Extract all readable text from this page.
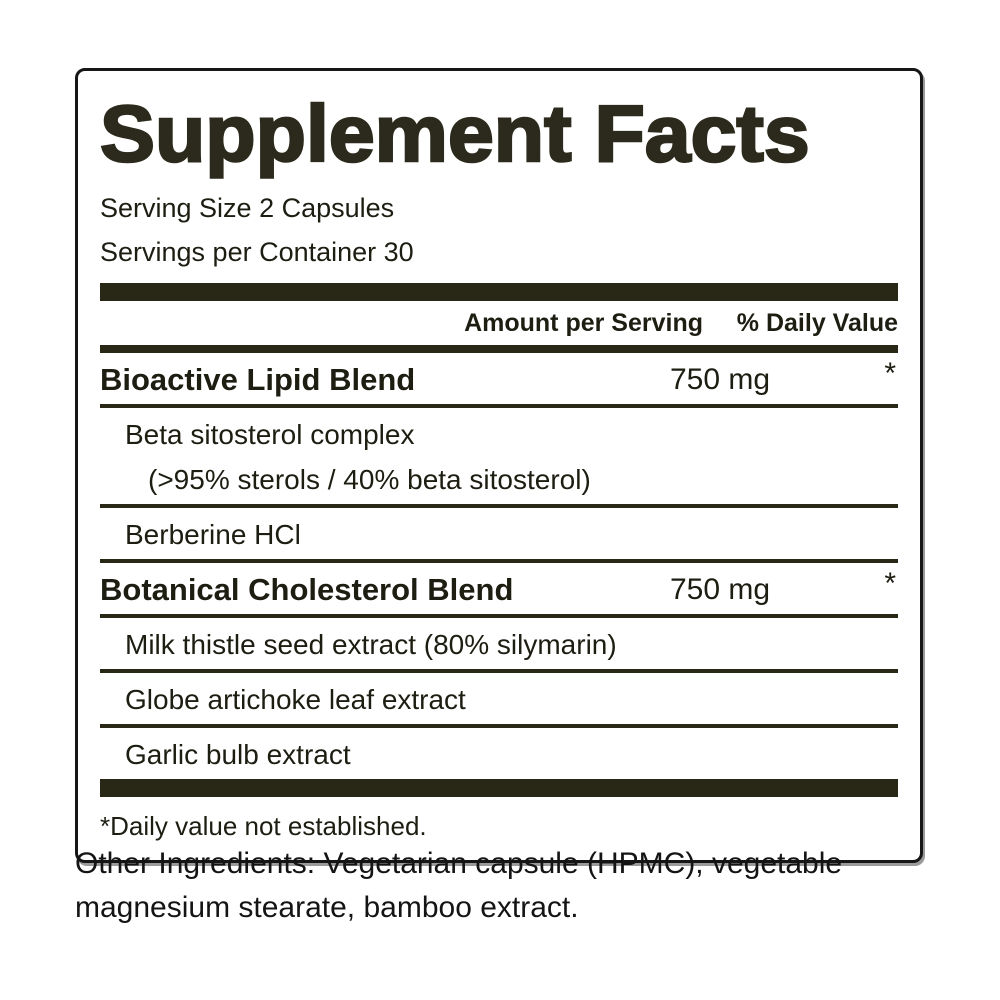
Supplement Facts
Serving Size 2 Capsules
Servings per Container 30
Amount per Serving % Daily Value
Bioactive Lipid Blend	750 mg	*
Beta sitosterol complex
(>95% sterols / 40% beta sitosterol)
Berberine HCl
Botanical Cholesterol Blend	750 mg	*
Milk thistle seed extract (80% silymarin)
Globe artichoke leaf extract
Garlic bulb extract
*Daily value not established.

Other Ingredients: Vegetarian capsule (HPMC), vegetable magnesium stearate, bamboo extract.
